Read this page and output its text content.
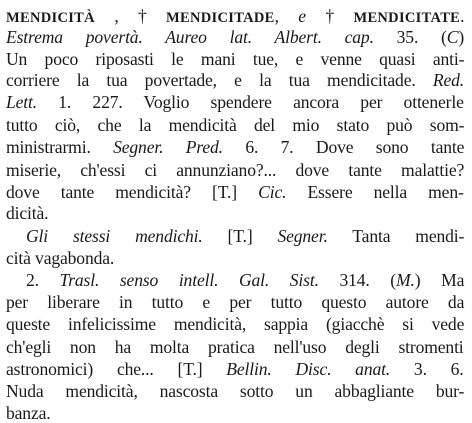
MENDICITÀ , † MENDICITADE, e † MENDICITATE.
Estrema povertà. Aureo lat. Albert. cap. 35. (C)
Un poco riposasti le mani tue, e venne quasi anti-
corriere la tua povertade, e la tua mendicitade. Red.
Lett. 1. 227. Voglio spendere ancora per ottenerle
tutto ciò, che la mendicità del mio stato può som-
ministrarmi. Segner. Pred. 6. 7. Dove sono tante
miserie, ch'essi ci annunziano?... dove tante malattie?
dove tante mendicità? [T.] Cic. Essere nella men-
dicità.
Gli stessi mendichi. [T.] Segner. Tanta mendi-
cità vagabonda.
2. Trasl. senso intell. Gal. Sist. 314. (M.) Ma
per liberare in tutto e per tutto questo autore da
queste infelicissime mendicità, sappia (giacchè si vede
ch'egli non ha molta pratica nell'uso degli stromenti
astronomici) che... [T.] Bellin. Disc. anat. 3. 6.
Nuda mendicità, nascosta sotto un abbagliante bur-
banza.
